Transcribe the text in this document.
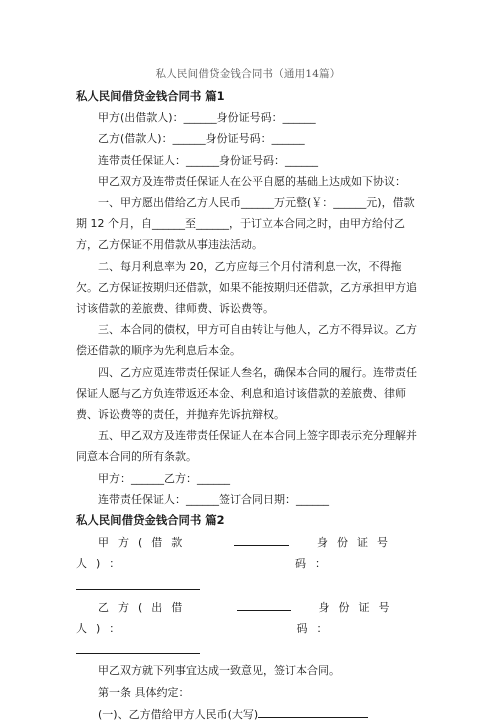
私人民间借贷金钱合同书（通用14篇）

私人民间借贷金钱合同书 篇1

甲方(出借款人)：______身份证号码：______

乙方(借款人)：______身份证号码：______

连带责任保证人：______身份证号码：______

甲乙双方及连带责任保证人在公平自愿的基础上达成如下协议：

一、甲方愿出借给乙方人民币______万元整(￥：______元)，借款期 12 个月，自______至______，于订立本合同之时，由甲方给付乙方，乙方保证不用借款从事违法活动。

二、每月利息率为 20，乙方应每三个月付清利息一次，不得拖欠。乙方保证按期归还借款，如果不能按期归还借款，乙方承担甲方追讨该借款的差旅费、律师费、诉讼费等。

三、本合同的债权，甲方可自由转让与他人，乙方不得异议。乙方偿还借款的顺序为先利息后本金。

四、乙方应觅连带责任保证人叁名，确保本合同的履行。连带责任保证人愿与乙方负连带返还本金、利息和追讨该借款的差旅费、律师费、诉讼费等的责任，并抛弃先诉抗辩权。

五、甲乙双方及连带责任保证人在本合同上签字即表示充分理解并同意本合同的所有条款。

甲方：______乙方：______

连带责任保证人：______签订合同日期：______

私人民间借贷金钱合同书 篇2

甲方(借款人)：
身份证号码：
乙方(出借人)：
身份证号码：

甲乙双方就下列事宜达成一致意见，签订本合同。

第一条 具体约定：

(一)、乙方借给甲方人民币(大写)
